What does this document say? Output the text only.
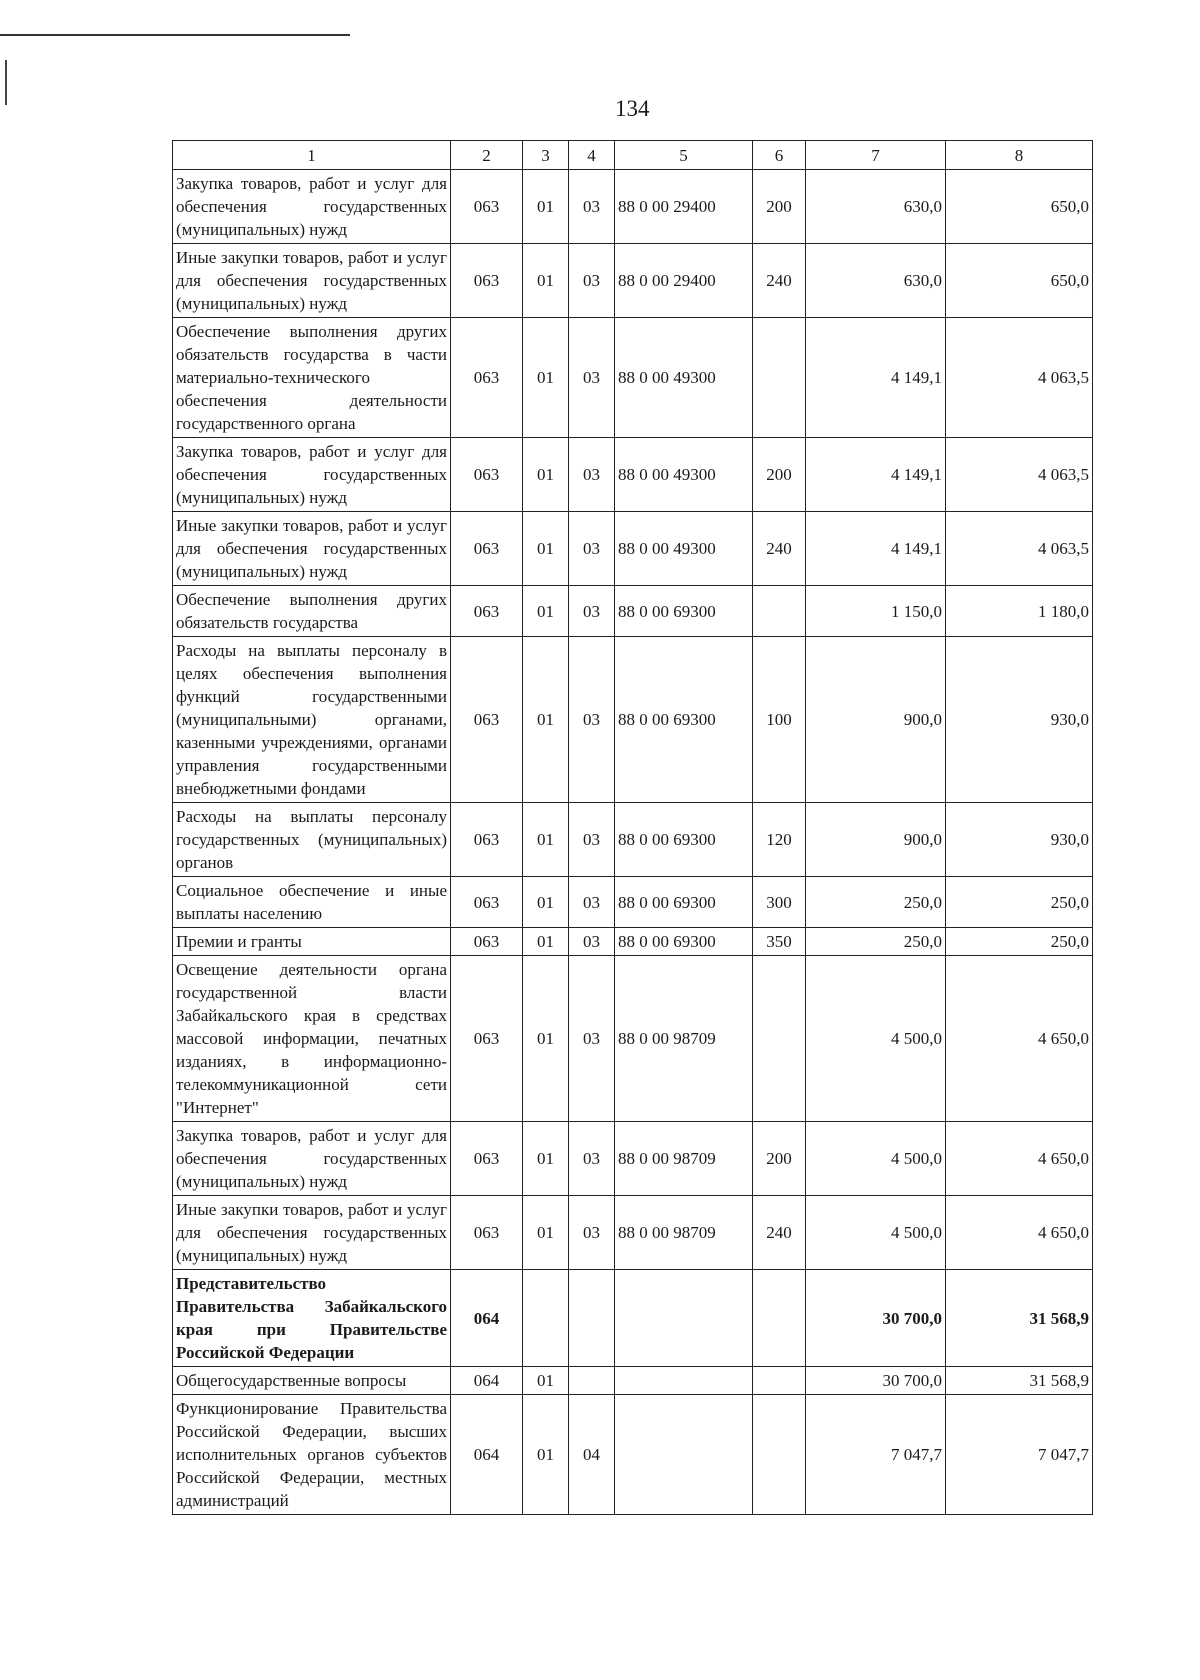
134
1	2	3	4	5	6	7	8
Закупка товаров, работ и услуг для обеспечения государственных (муниципальных) нужд	063	01	03	88 0 00 29400	200	630,0	650,0
Иные закупки товаров, работ и услуг для обеспечения государственных (муниципальных) нужд	063	01	03	88 0 00 29400	240	630,0	650,0
Обеспечение выполнения других обязательств государства в части материально-технического обеспечения деятельности государственного органа	063	01	03	88 0 00 49300		4 149,1	4 063,5
Закупка товаров, работ и услуг для обеспечения государственных (муниципальных) нужд	063	01	03	88 0 00 49300	200	4 149,1	4 063,5
Иные закупки товаров, работ и услуг для обеспечения государственных (муниципальных) нужд	063	01	03	88 0 00 49300	240	4 149,1	4 063,5
Обеспечение выполнения других обязательств государства	063	01	03	88 0 00 69300		1 150,0	1 180,0
Расходы на выплаты персоналу в целях обеспечения выполнения функций государственными (муниципальными) органами, казенными учреждениями, органами управления государственными внебюджетными фондами	063	01	03	88 0 00 69300	100	900,0	930,0
Расходы на выплаты персоналу государственных (муниципальных) органов	063	01	03	88 0 00 69300	120	900,0	930,0
Социальное обеспечение и иные выплаты населению	063	01	03	88 0 00 69300	300	250,0	250,0
Премии и гранты	063	01	03	88 0 00 69300	350	250,0	250,0
Освещение деятельности органа государственной власти Забайкальского края в средствах массовой информации, печатных изданиях, в информационно-телекоммуникационной сети "Интернет"	063	01	03	88 0 00 98709		4 500,0	4 650,0
Закупка товаров, работ и услуг для обеспечения государственных (муниципальных) нужд	063	01	03	88 0 00 98709	200	4 500,0	4 650,0
Иные закупки товаров, работ и услуг для обеспечения государственных (муниципальных) нужд	063	01	03	88 0 00 98709	240	4 500,0	4 650,0
Представительство Правительства Забайкальского края при Правительстве Российской Федерации	064					30 700,0	31 568,9
Общегосударственные вопросы	064	01				30 700,0	31 568,9
Функционирование Правительства Российской Федерации, высших исполнительных органов субъектов Российской Федерации, местных администраций	064	01	04			7 047,7	7 047,7
